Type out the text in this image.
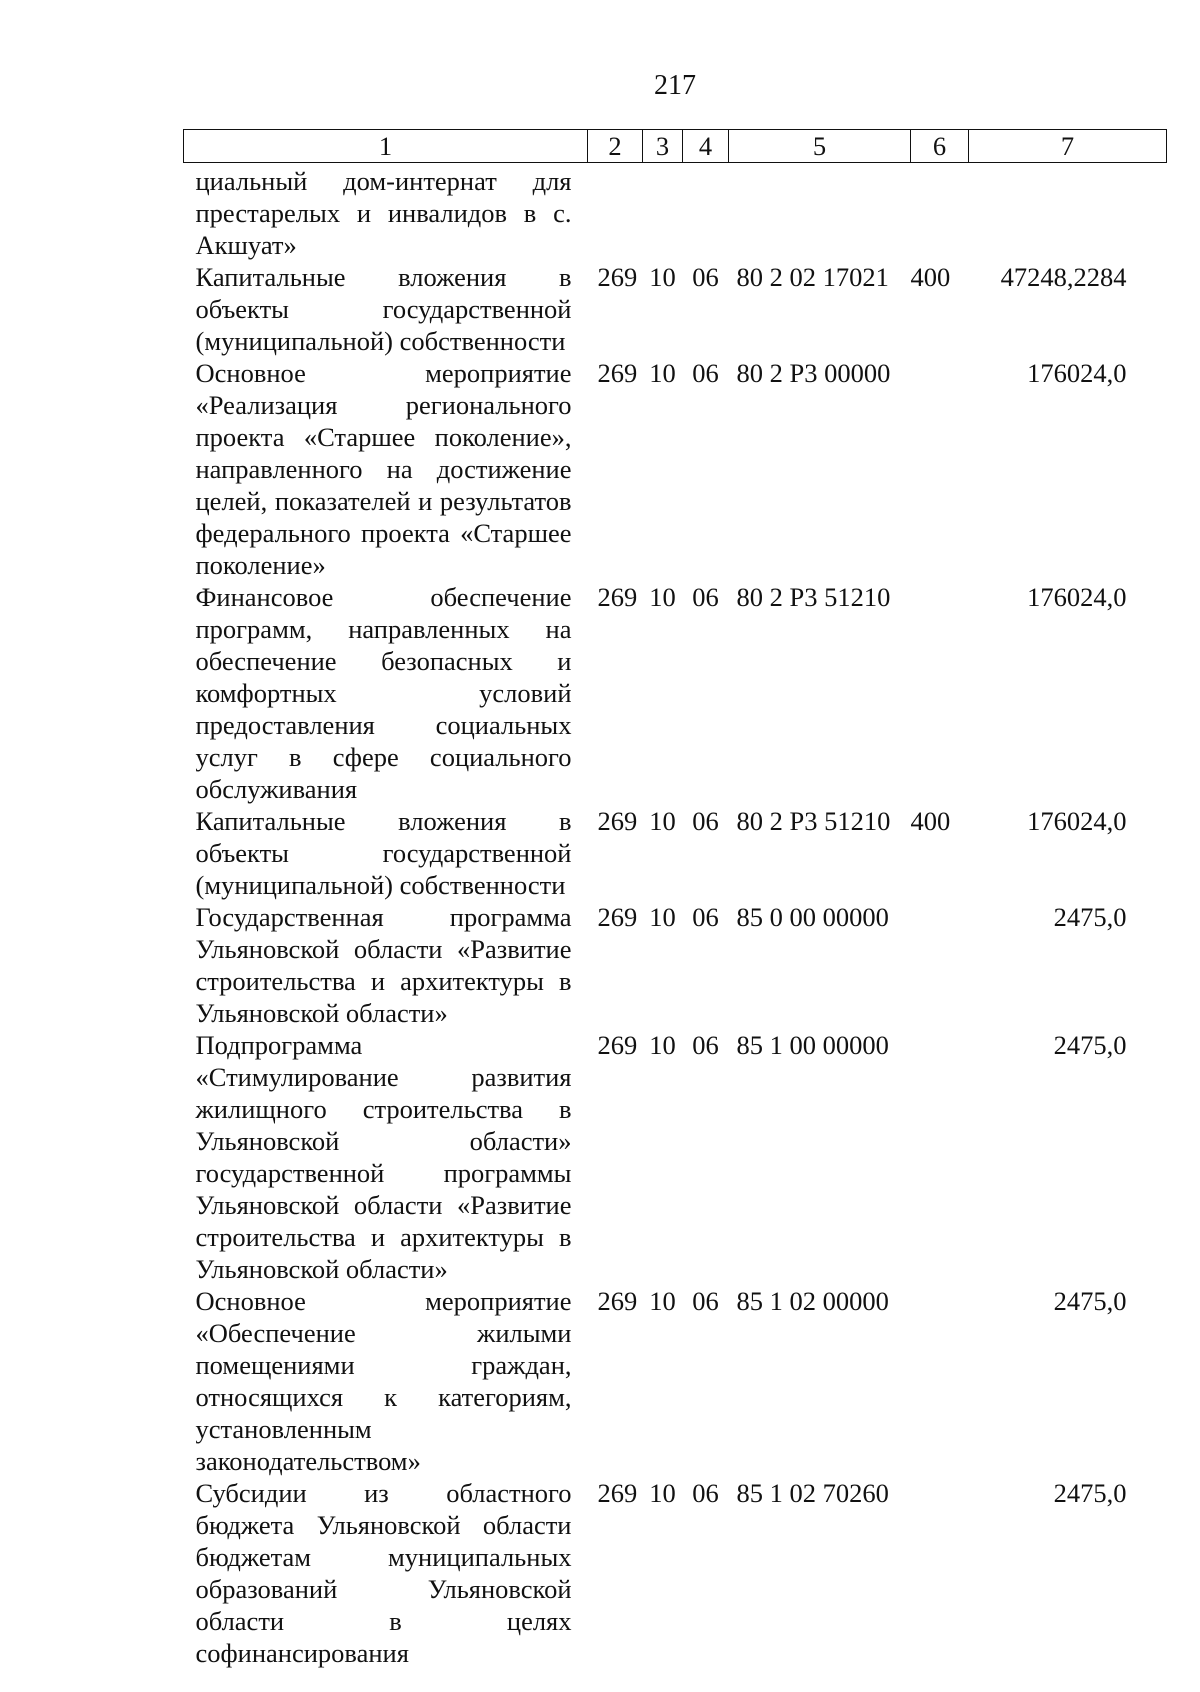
217
1	2	3	4	5	6	7
циальный дом-интернат для престарелых и инвалидов в с. Акшуат»						
Капитальные вложения в объекты государственной (муниципальной) собственности	269	10	06	80 2 02 17021	400	47248,2284
Основное мероприятие «Реализация регионального проекта «Старшее поколение», направленного на достижение целей, показателей и результатов федерального проекта «Старшее поколение»	269	10	06	80 2 Р3 00000		176024,0
Финансовое обеспечение программ, направленных на обеспечение безопасных и комфортных условий предоставления социальных услуг в сфере социального обслуживания	269	10	06	80 2 Р3 51210		176024,0
Капитальные вложения в объекты государственной (муниципальной) собственности	269	10	06	80 2 Р3 51210	400	176024,0
Государственная программа Ульяновской области «Развитие строительства и архитектуры в Ульяновской области»	269	10	06	85 0 00 00000		2475,0
Подпрограмма «Стимулирование развития жилищного строительства в Ульяновской области» государственной программы Ульяновской области «Развитие строительства и архитектуры в Ульяновской области»	269	10	06	85 1 00 00000		2475,0
Основное мероприятие «Обеспечение жилыми помещениями граждан, относящихся к категориям, установленным законодательством»	269	10	06	85 1 02 00000		2475,0
Субсидии из областного бюджета Ульяновской области бюджетам муниципальных образований Ульяновской области в целях софинансирования	269	10	06	85 1 02 70260		2475,0
